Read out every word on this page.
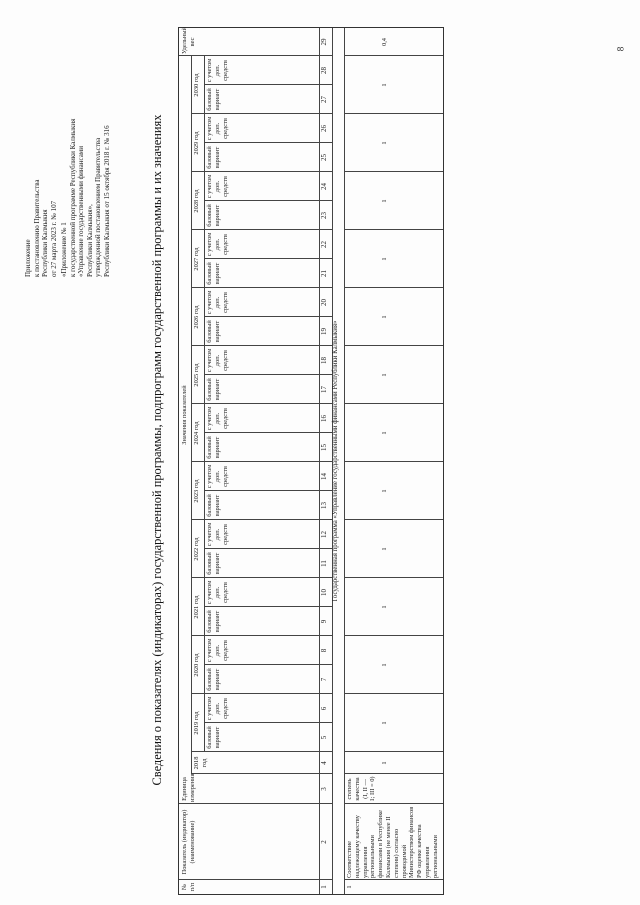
8
Приложение к постановлению Правительства Республики Калмыкия от 27 марта 2023 г. № 107 «Приложение № 1 к государственной программе Республики Калмыкия «Управление государственными финансами Республики Калмыкия», утвержденной постановлением Правительства Республики Калмыкия от 15 октября 2018 г. № 316	Сведения о показателях (индикаторах) государственной программы, подпрограмм государственной программы и их значениях
№ п/п
Показатель (индикатор) (наименование)
Единица измерения
Значения показателей
2018 год
Удельный вес
2019 год
базовый вариант
с учетом доп. средств
2020 год
базовый вариант
с учетом доп. средств
2021 год
базовый вариант
с учетом доп. средств
2022 год
базовый вариант
с учетом доп. средств
2023 год
базовый вариант
с учетом доп. средств
2024 год
базовый вариант
с учетом доп. средств
2025 год
базовый вариант
с учетом доп. средств
2026 год
базовый вариант
с учетом доп. средств
2027 год
базовый вариант
с учетом доп. средств
2028 год
базовый вариант
с учетом доп. средств
2029 год
базовый вариант
с учетом доп. средств
2030 год
базовый вариант
с учетом доп. средств
1
2
3
4
5
6
7
8
9
10
11
12
13
14
15
16
17
18
19
20
21
22
23
24
25
26
27
28
29
Государственная программа «Управление государственными финансами Республики Калмыкия»
1
Соответствие надлежащему качеству управления региональными финансами в Республике Калмыкия (не менее II степени) согласно проводимой Министерством финансов РФ оценке качества управления региональными
степень качества (I, II — 1; III = 0)
1
1
1
1
1
1
1
1
1
1
1
1
1
0,4
